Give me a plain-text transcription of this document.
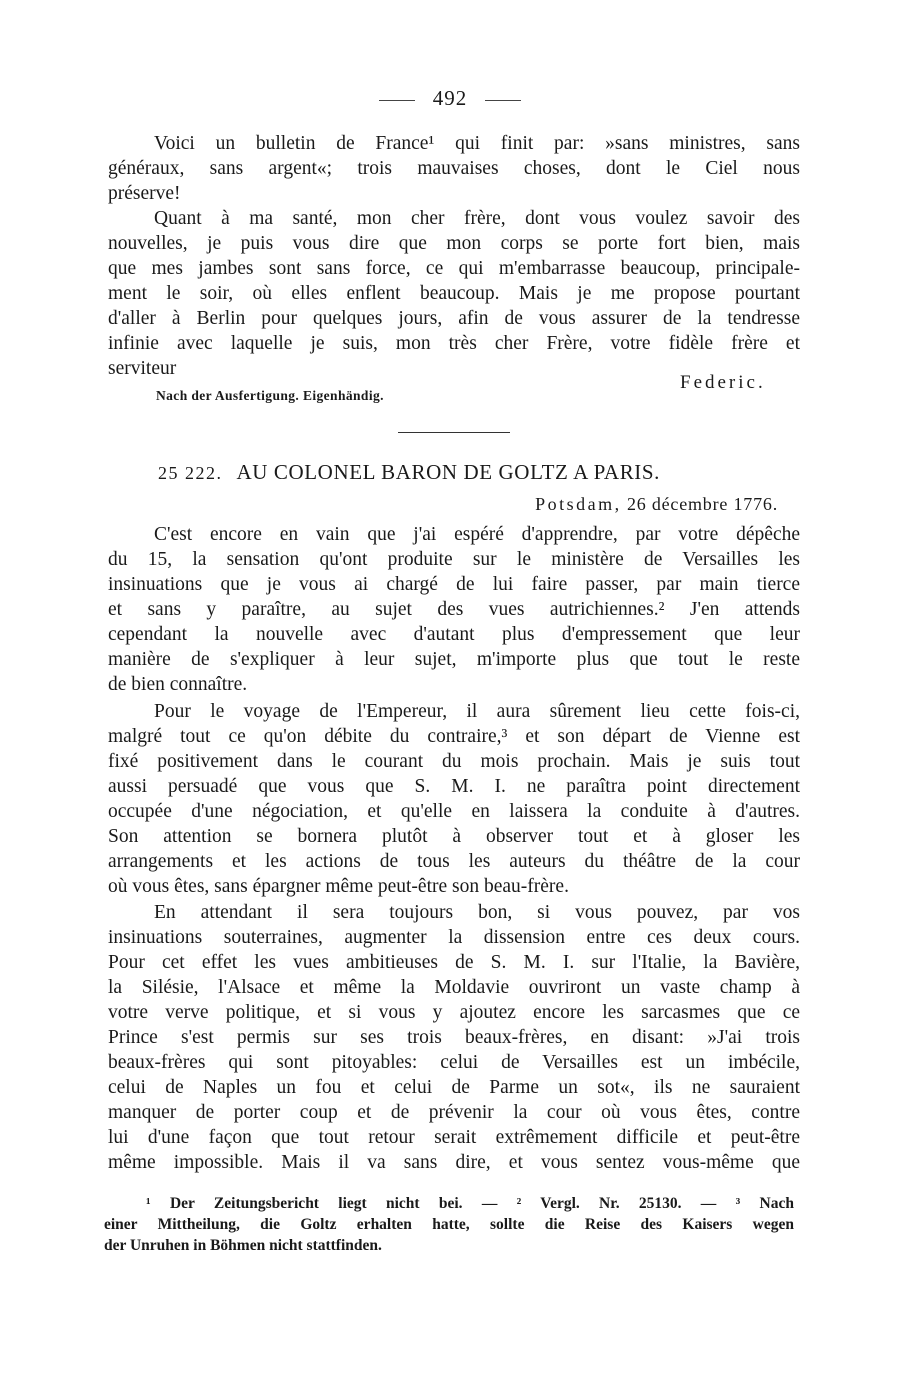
492
Voici un bulletin de France¹ qui finit par: »sans ministres, sans
généraux, sans argent«; trois mauvaises choses, dont le Ciel nous
préserve!
Quant à ma santé, mon cher frère, dont vous voulez savoir des
nouvelles, je puis vous dire que mon corps se porte fort bien, mais
que mes jambes sont sans force, ce qui m'embarrasse beaucoup, principale-
ment le soir, où elles enflent beaucoup. Mais je me propose pourtant
d'aller à Berlin pour quelques jours, afin de vous assurer de la tendresse
infinie avec laquelle je suis, mon très cher Frère, votre fidèle frère et
serviteur
Federic.
Nach der Ausfertigung. Eigenhändig.
25 222. AU COLONEL BARON DE GOLTZ A PARIS.
Potsdam, 26 décembre 1776.
C'est encore en vain que j'ai espéré d'apprendre, par votre dépêche
du 15, la sensation qu'ont produite sur le ministère de Versailles les
insinuations que je vous ai chargé de lui faire passer, par main tierce
et sans y paraître, au sujet des vues autrichiennes.² J'en attends
cependant la nouvelle avec d'autant plus d'empressement que leur
manière de s'expliquer à leur sujet, m'importe plus que tout le reste
de bien connaître.
Pour le voyage de l'Empereur, il aura sûrement lieu cette fois-ci,
malgré tout ce qu'on débite du contraire,³ et son départ de Vienne est
fixé positivement dans le courant du mois prochain. Mais je suis tout
aussi persuadé que vous que S. M. I. ne paraîtra point directement
occupée d'une négociation, et qu'elle en laissera la conduite à d'autres.
Son attention se bornera plutôt à observer tout et à gloser les
arrangements et les actions de tous les auteurs du théâtre de la cour
où vous êtes, sans épargner même peut-être son beau-frère.
En attendant il sera toujours bon, si vous pouvez, par vos
insinuations souterraines, augmenter la dissension entre ces deux cours.
Pour cet effet les vues ambitieuses de S. M. I. sur l'Italie, la Bavière,
la Silésie, l'Alsace et même la Moldavie ouvriront un vaste champ à
votre verve politique, et si vous y ajoutez encore les sarcasmes que ce
Prince s'est permis sur ses trois beaux-frères, en disant: »J'ai trois
beaux-frères qui sont pitoyables: celui de Versailles est un imbécile,
celui de Naples un fou et celui de Parme un sot«, ils ne sauraient
manquer de porter coup et de prévenir la cour où vous êtes, contre
lui d'une façon que tout retour serait extrêmement difficile et peut-être
même impossible. Mais il va sans dire, et vous sentez vous-même que
¹ Der Zeitungsbericht liegt nicht bei. — ² Vergl. Nr. 25130. — ³ Nach
einer Mittheilung, die Goltz erhalten hatte, sollte die Reise des Kaisers wegen
der Unruhen in Böhmen nicht stattfinden.
